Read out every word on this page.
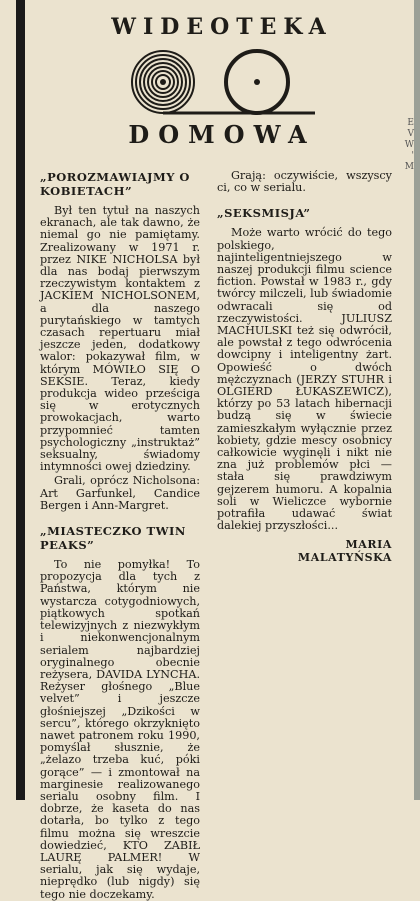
E
V
W
'
M
WIDEOTEKA
DOMOWA
„POROZMAWIAJMY O KOBIETACH”

Był ten tytuł na naszych ekranach, ale tak dawno, że niemal go nie pamiętamy. Zrealizowany w 1971 r. przez NIKE NICHOLSA był dla nas bodaj pierwszym rzeczywistym kontaktem z JACKIEM NICHOLSONEM, a dla naszego purytańskiego w tamtych czasach repertuaru miał jeszcze jeden, dodatkowy walor: pokazywał film, w którym MÓWIŁO SIĘ O SEKSIE. Teraz, kiedy produkcja wideo prześciga się w erotycznych prowokacjach, warto przypomnieć tamten psychologiczny „instruktaż” seksualny, świadomy intymności owej dziedziny.

Grali, oprócz Nicholsona: Art Garfunkel, Candice Bergen i Ann-Margret.

„MIASTECZKO TWIN PEAKS”

To nie pomyłka! To propozycja dla tych z Państwa, którym nie wystarcza cotygodniowych, piątkowych spotkań telewizyjnych z niezwykłym i niekonwencjonalnym serialem najbardziej oryginalnego obecnie reżysera, DAVIDA LYNCHA. Reżyser głośnego „Blue velvet” i jeszcze głośniejszej „Dzikości w sercu”, którego okrzyknięto nawet patronem roku 1990, pomyślał słusznie, że „żelazo trzeba kuć, póki gorące” — i zmontował na marginesie realizowanego serialu osobny film. I dobrze, że kaseta do nas dotarła, bo tylko z tego filmu można się wreszcie dowiedzieć, KTO ZABIŁ LAURĘ PALMER! W serialu, jak się wydaje, nieprędko (lub nigdy) się tego nie doczekamy.

Grają: oczywiście, wszyscy ci, co w serialu.

„SEKSMISJA”

Może warto wrócić do tego polskiego, najinteligentniejszego w naszej produkcji filmu science fiction. Powstał w 1983 r., gdy twórcy milczeli, lub świadomie odwracali się od rzeczywistości. JULIUSZ MACHULSKI też się odwrócił, ale powstał z tego odwrócenia dowcipny i inteligentny żart. Opowieść o dwóch mężczyznach (JERZY STUHR i OLGIERD ŁUKASZEWICZ), którzy po 53 latach hibernacji budzą się w świecie zamieszkałym wyłącznie przez kobiety, gdzie mescy osobnicy całkowicie wyginęli i nikt nie zna już problemów płci — stała się prawdziwym gejzerem humoru. A kopalnia soli w Wieliczce wybornie potrafiła udawać świat dalekiej przyszłości...

MARIA
MALATYŃSKA
